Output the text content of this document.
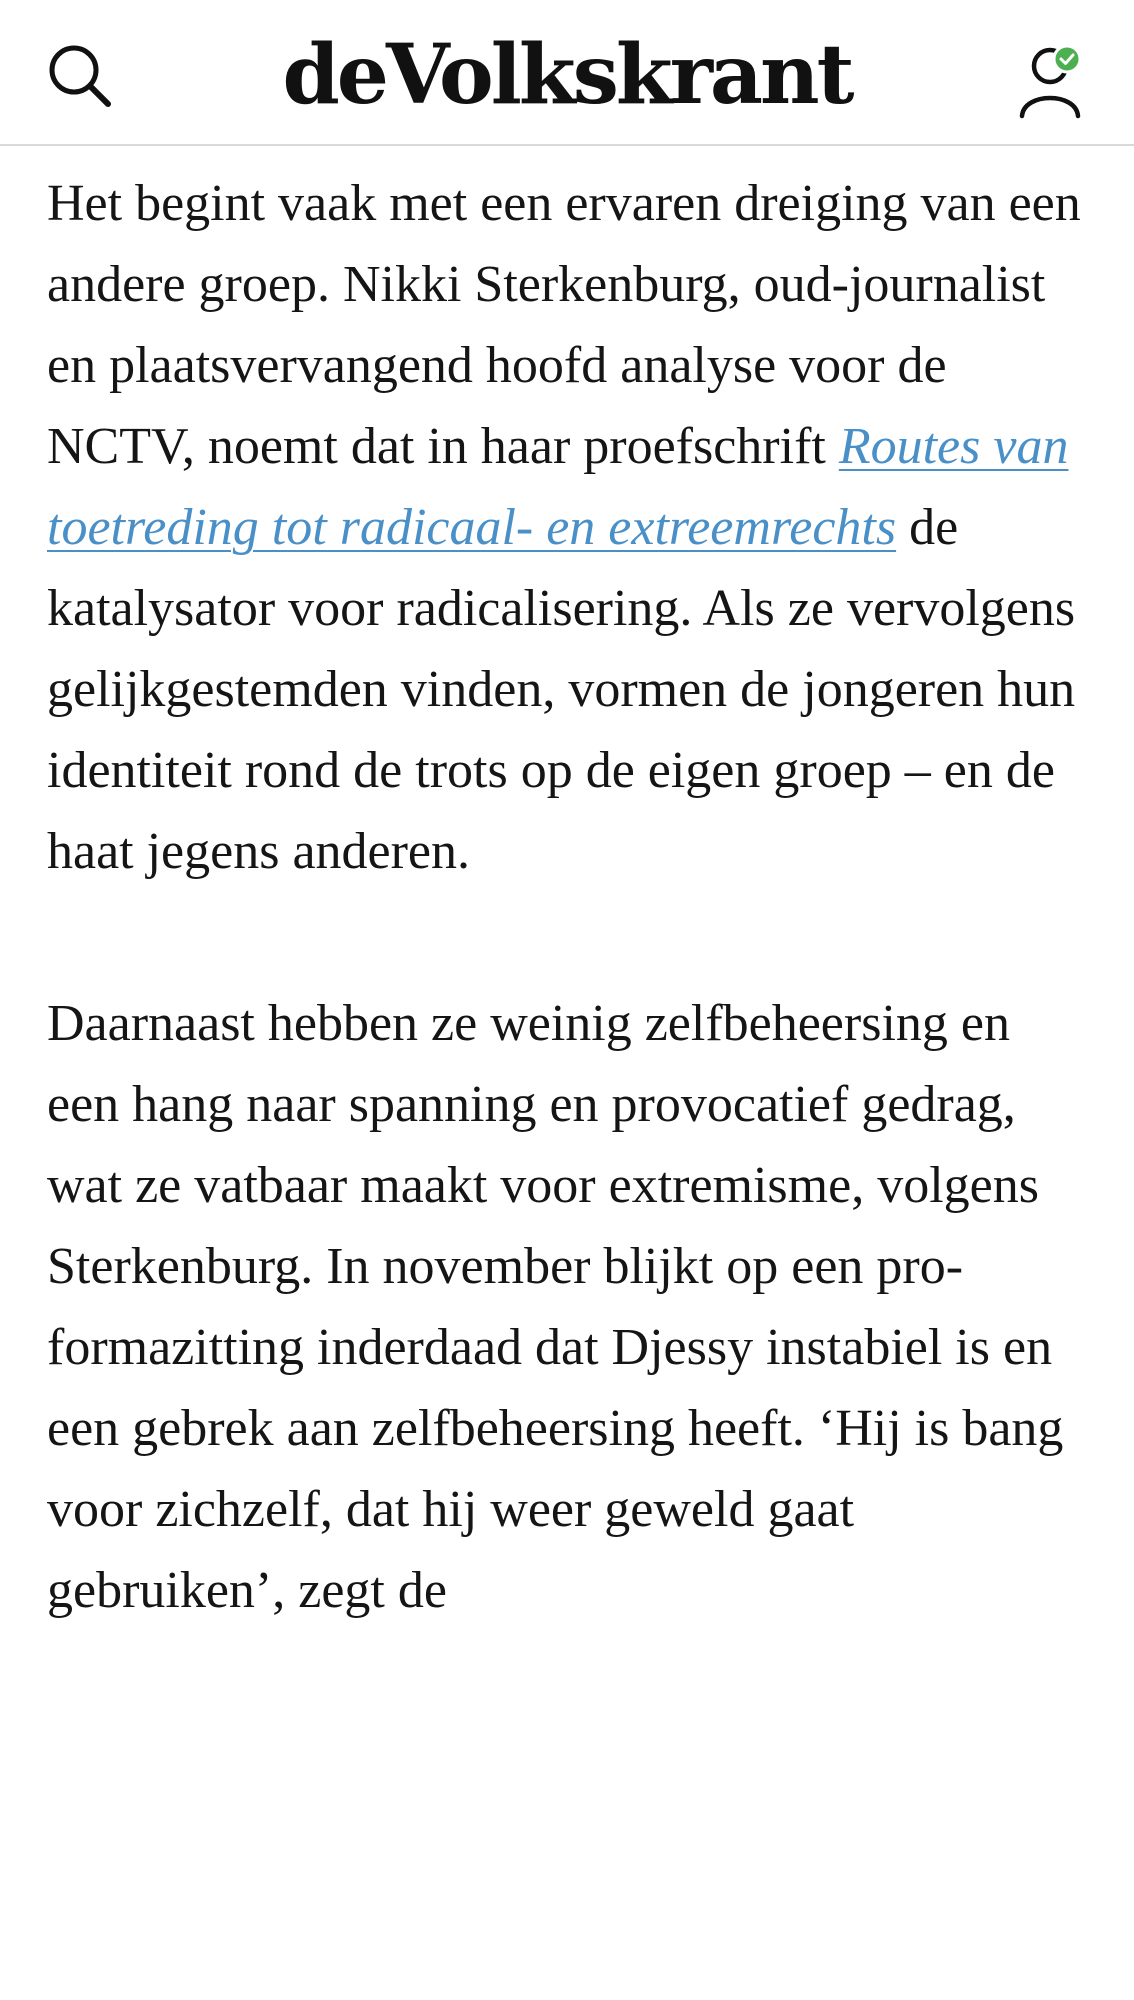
deVolkskrant

Het begint vaak met een ervaren dreiging van een andere groep. Nikki Sterkenburg, oud-journalist en plaatsvervangend hoofd analyse voor de NCTV, noemt dat in haar proefschrift Routes van toetreding tot radicaal- en extreemrechts de katalysator voor radicalisering. Als ze vervolgens gelijkgestemden vinden, vormen de jongeren hun identiteit rond de trots op de eigen groep – en de haat jegens anderen.

Daarnaast hebben ze weinig zelfbeheersing en een hang naar spanning en provocatief gedrag, wat ze vatbaar maakt voor extremisme, volgens Sterkenburg. In november blijkt op een pro-formazitting inderdaad dat Djessy instabiel is en een gebrek aan zelfbeheersing heeft. ‘Hij is bang voor zichzelf, dat hij weer geweld gaat gebruiken’, zegt de
